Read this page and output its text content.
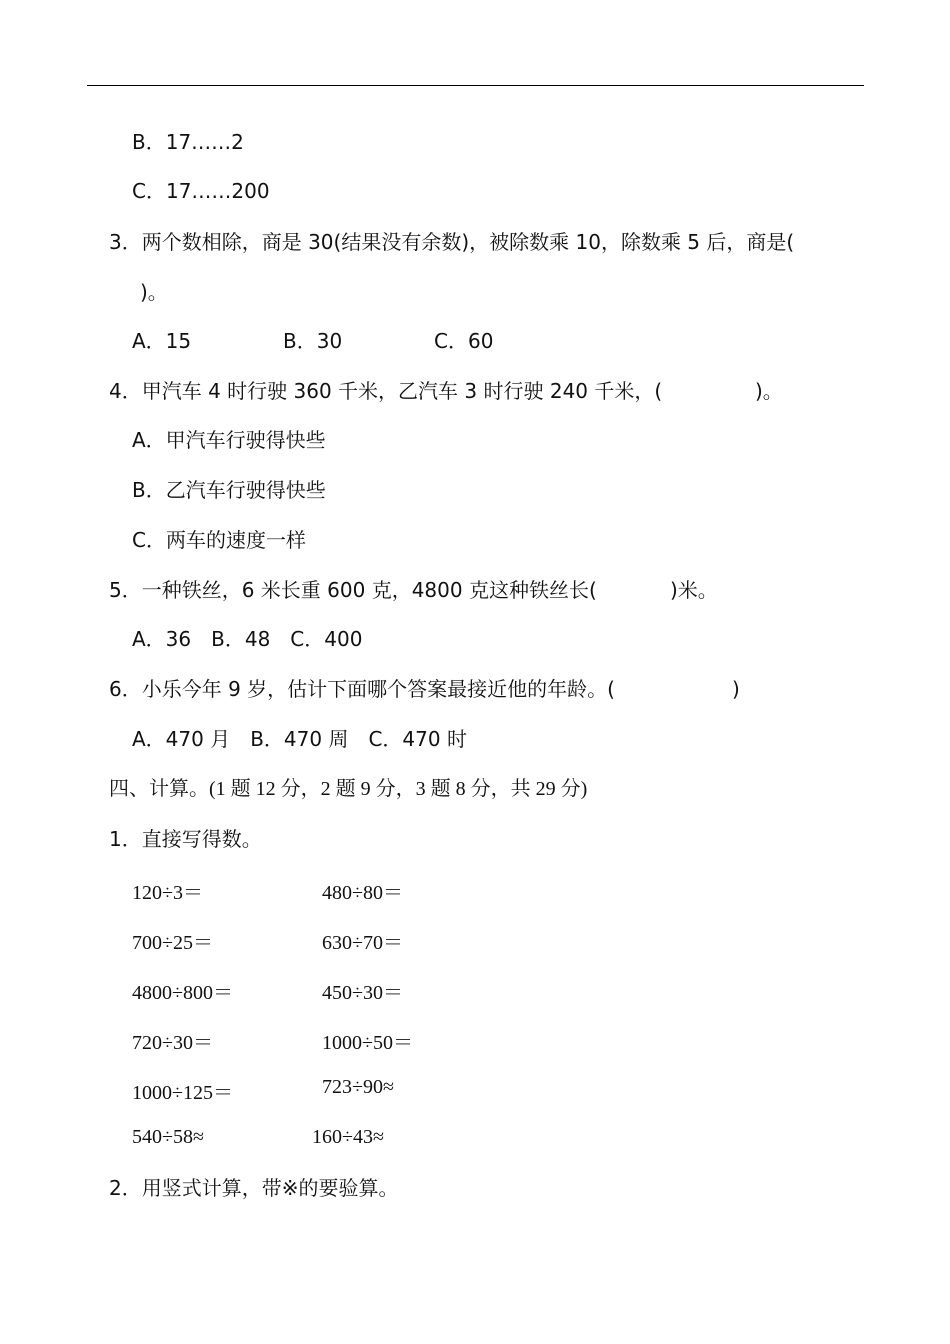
B．17……2
C．17……200
3．两个数相除，商是 30(结果没有余数)，被除数乘 10，除数乘 5 后，商是(
)。
A．15	B．30	C．60
4．甲汽车 4 时行驶 360 千米，乙汽车 3 时行驶 240 千米，(	)。
A．甲汽车行驶得快些
B．乙汽车行驶得快些
C．两车的速度一样
5．一种铁丝，6 米长重 600 克，4800 克这种铁丝长(	)米。
A．36　B．48　C．400
6．小乐今年 9 岁，估计下面哪个答案最接近他的年龄。(	)
A．470 月　B．470 周　C．470 时
四、计算。(1 题 12 分，2 题 9 分，3 题 8 分，共 29 分)
1．直接写得数。
120÷3＝	480÷80＝
700÷25＝	630÷70＝
4800÷800＝	450÷30＝
720÷30＝	1000÷50＝
1000÷125＝	723÷90≈
540÷58≈	160÷43≈
2．用竖式计算，带※的要验算。
